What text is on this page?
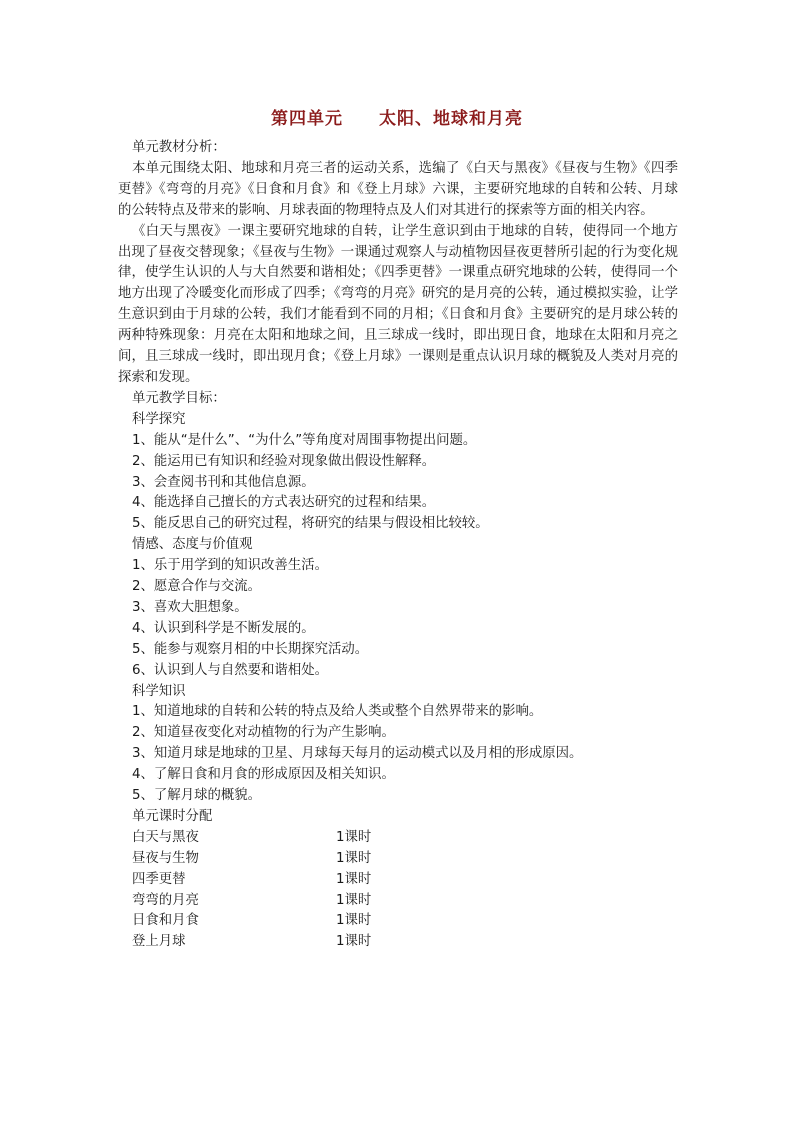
第四单元　　太阳、地球和月亮

单元教材分析：

本单元围绕太阳、地球和月亮三者的运动关系，选编了《白天与黑夜》《昼夜与生物》《四季更替》《弯弯的月亮》《日食和月食》和《登上月球》六课，主要研究地球的自转和公转、月球的公转特点及带来的影响、月球表面的物理特点及人们对其进行的探索等方面的相关内容。

《白天与黑夜》一课主要研究地球的自转，让学生意识到由于地球的自转，使得同一个地方出现了昼夜交替现象；《昼夜与生物》一课通过观察人与动植物因昼夜更替所引起的行为变化规律，使学生认识的人与大自然要和谐相处；《四季更替》一课重点研究地球的公转，使得同一个地方出现了冷暖变化而形成了四季；《弯弯的月亮》研究的是月亮的公转，通过模拟实验，让学生意识到由于月球的公转，我们才能看到不同的月相；《日食和月食》主要研究的是月球公转的两种特殊现象：月亮在太阳和地球之间，且三球成一线时，即出现日食，地球在太阳和月亮之间，且三球成一线时，即出现月食；《登上月球》一课则是重点认识月球的概貌及人类对月亮的探索和发现。

单元教学目标：

科学探究

1、能从“是什么”、“为什么”等角度对周围事物提出问题。

2、能运用已有知识和经验对现象做出假设性解释。

3、会查阅书刊和其他信息源。

4、能选择自己擅长的方式表达研究的过程和结果。

5、能反思自己的研究过程，将研究的结果与假设相比较较。

情感、态度与价值观

1、乐于用学到的知识改善生活。

2、愿意合作与交流。

3、喜欢大胆想象。

4、认识到科学是不断发展的。

5、能参与观察月相的中长期探究活动。

6、认识到人与自然要和谐相处。

科学知识

1、知道地球的自转和公转的特点及给人类或整个自然界带来的影响。

2、知道昼夜变化对动植物的行为产生影响。

3、知道月球是地球的卫星、月球每天每月的运动模式以及月相的形成原因。

4、了解日食和月食的形成原因及相关知识。

5、了解月球的概貌。

单元课时分配

白天与黑夜	1课时
昼夜与生物	1课时
四季更替	1课时
弯弯的月亮	1课时
日食和月食	1课时
登上月球	1课时
